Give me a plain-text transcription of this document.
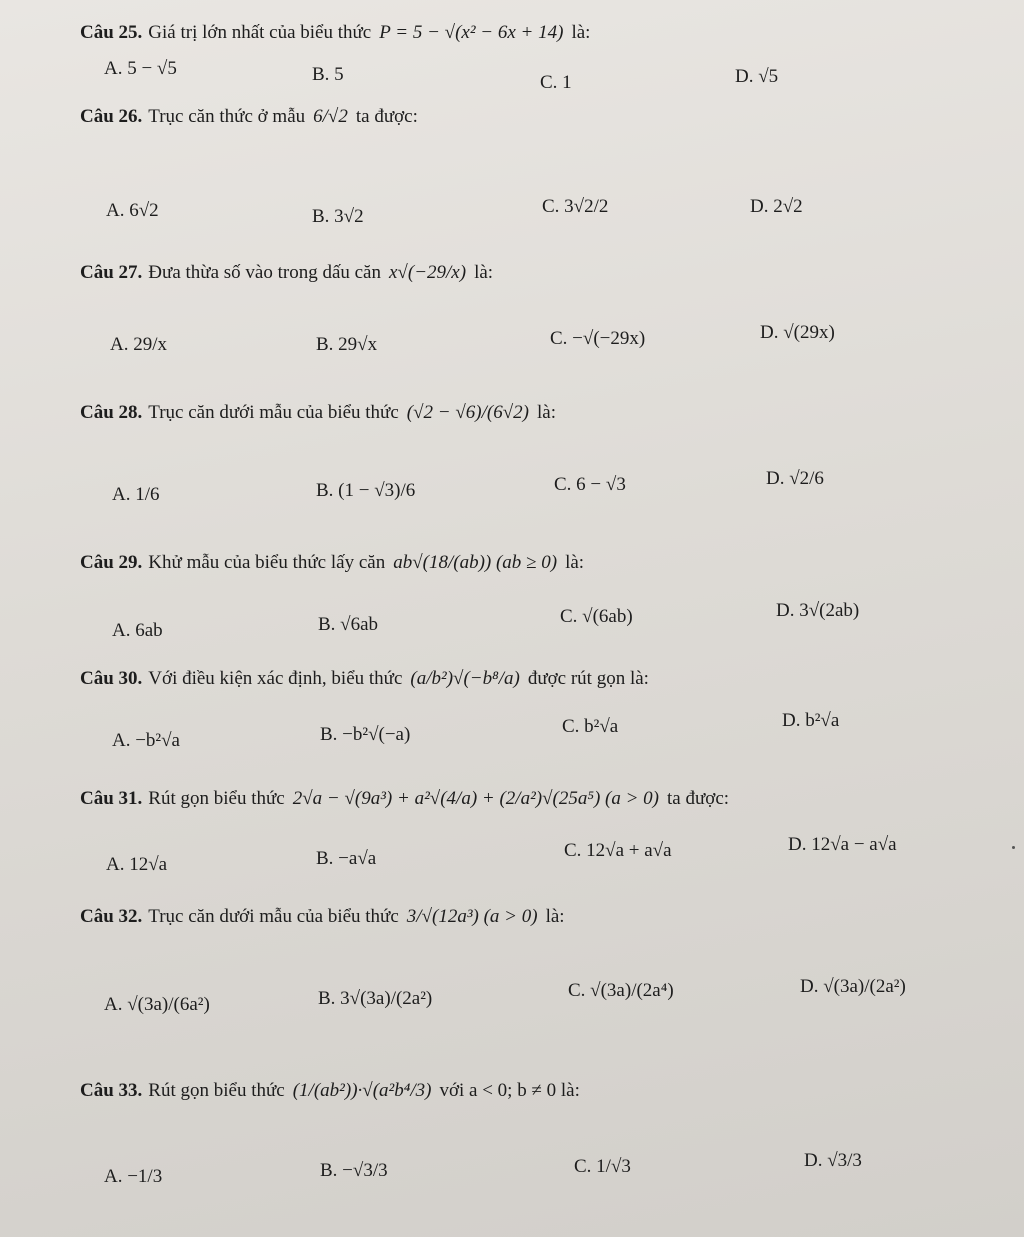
Câu 25. Giá trị lớn nhất của biểu thức P = 5 − √(x² − 6x + 14) là:
A. 5 − √5	B. 5	C. 1	D. √5
Câu 26. Trục căn thức ở mẫu 6/√2 ta được:
A. 6√2	B. 3√2	C. 3√2/2	D. 2√2
Câu 27. Đưa thừa số vào trong dấu căn x√(−29/x) là:
A. 29/x	B. 29√x	C. −√(−29x)	D. √(29x)
Câu 28. Trục căn dưới mẫu của biểu thức (√2 − √6)/(6√2) là:
A. 1/6	B. (1 − √3)/6	C. 6 − √3	D. √2/6
Câu 29. Khử mẫu của biểu thức lấy căn ab√(18/(ab)) (ab ≥ 0) là:
A. 6ab	B. √6ab	C. √(6ab)	D. 3√(2ab)
Câu 30. Với điều kiện xác định, biểu thức (a/b²)√(−b⁸/a) được rút gọn là:
A. −b²√a	B. −b²√(−a)	C. b²√a	D. b²√a
Câu 31. Rút gọn biểu thức 2√a − √(9a³) + a²√(4/a) + (2/a²)√(25a⁵) (a > 0) ta được:
A. 12√a	B. −a√a	C. 12√a + a√a	D. 12√a − a√a
Câu 32. Trục căn dưới mẫu của biểu thức 3/√(12a³) (a > 0) là:
A. √(3a)/(6a²)	B. 3√(3a)/(2a²)	C. √(3a)/(2a⁴)	D. √(3a)/(2a²)
Câu 33. Rút gọn biểu thức (1/(ab²))·√(a²b⁴/3) với a < 0; b ≠ 0 là:
A. −1/3	B. −√3/3	C. 1/√3	D. √3/3
